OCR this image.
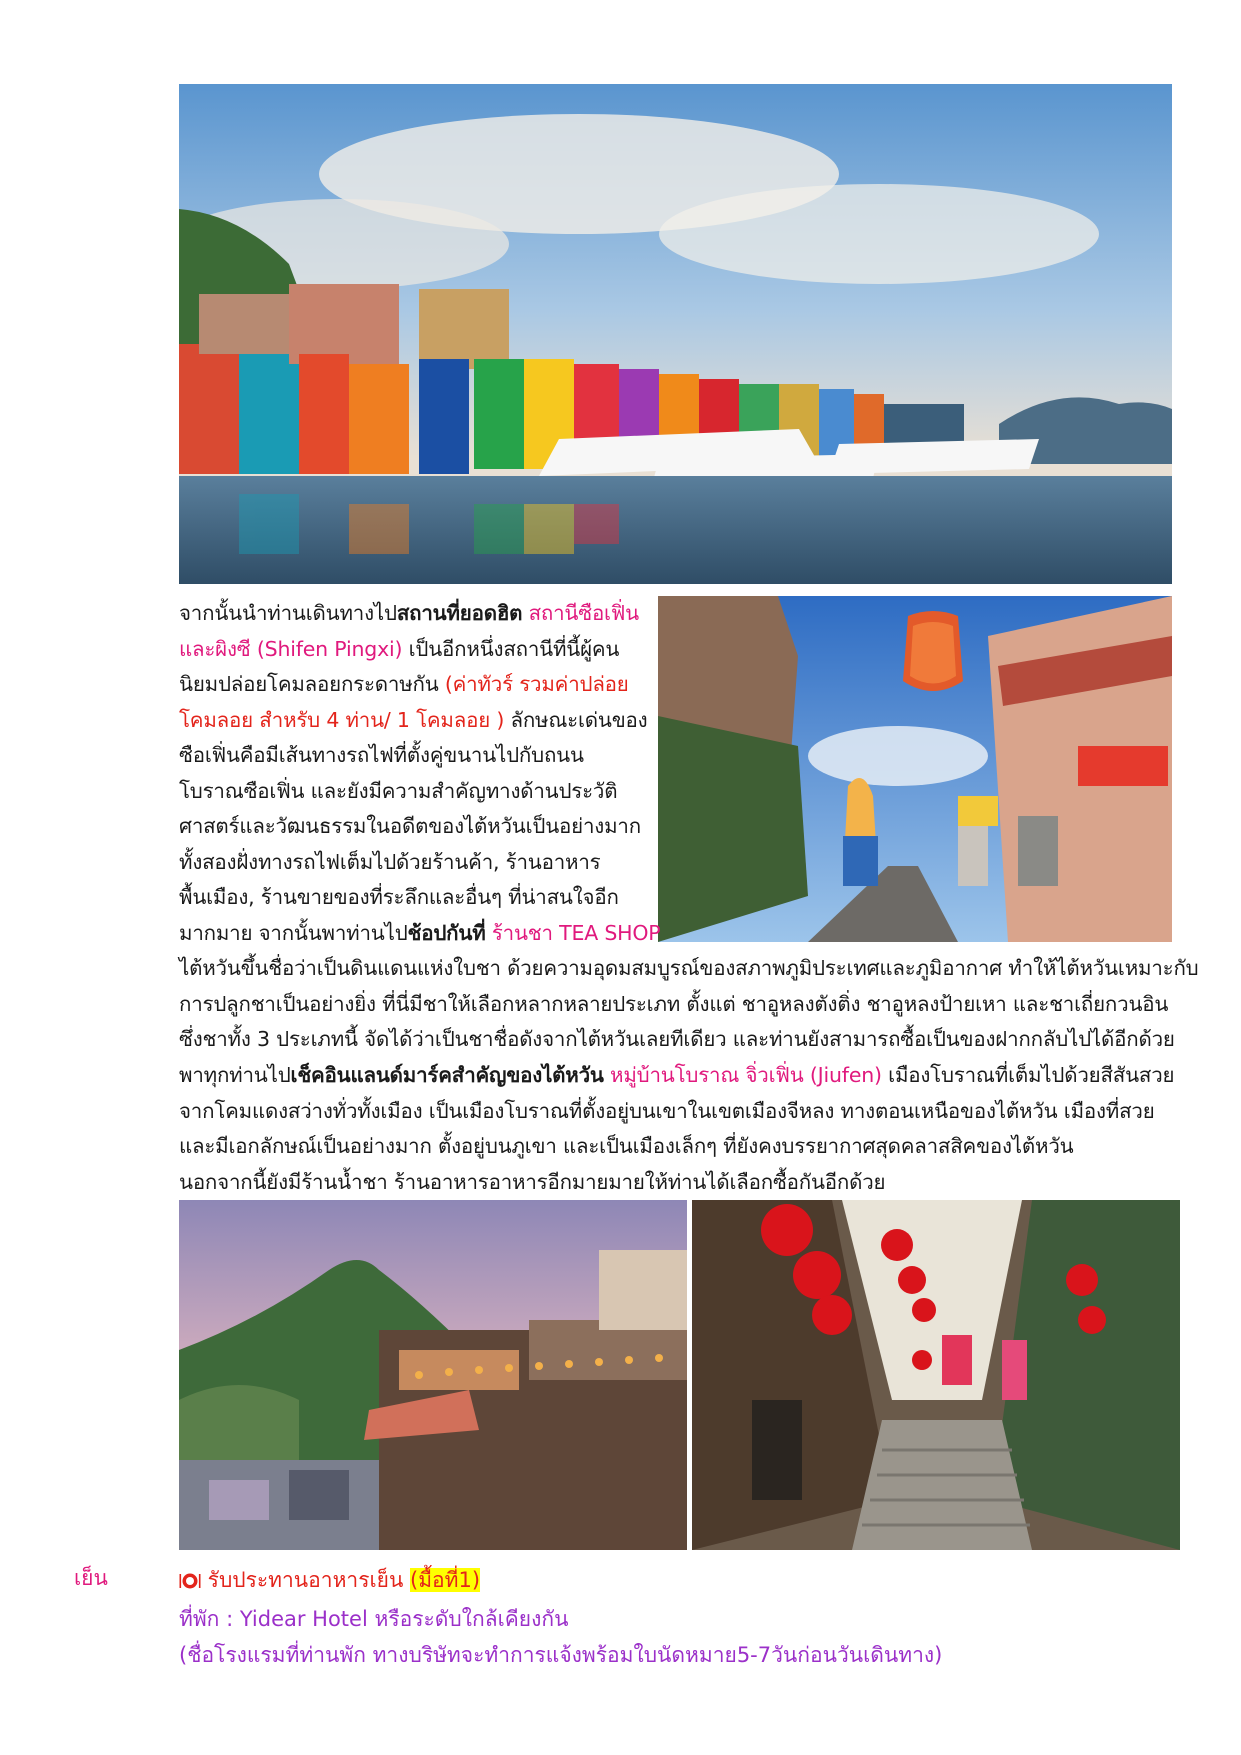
จากนั้นนำท่านเดินทางไปสถานที่ยอดฮิต สถานีซือเฟิ่น
และผิงซี (Shifen Pingxi) เป็นอีกหนึ่งสถานีที่นี้ผู้คน
นิยมปล่อยโคมลอยกระดาษกัน (ค่าทัวร์ รวมค่าปล่อย
โคมลอย สำหรับ 4 ท่าน/ 1 โคมลอย ) ลักษณะเด่นของ
ซือเฟิ่นคือมีเส้นทางรถไฟที่ตั้งคู่ขนานไปกับถนน
โบราณซือเฟิ่น และยังมีความสำคัญทางด้านประวัติ
ศาสตร์และวัฒนธรรมในอดีตของไต้หวันเป็นอย่างมาก
ทั้งสองฝั่งทางรถไฟเต็มไปด้วยร้านค้า, ร้านอาหาร
พื้นเมือง, ร้านขายของที่ระลึกและอื่นๆ ที่น่าสนใจอีก
มากมาย จากนั้นพาท่านไปช้อปกันที่ ร้านชา TEA SHOP
ไต้หวันขึ้นชื่อว่าเป็นดินแดนแห่งใบชา ด้วยความอุดมสมบูรณ์ของสภาพภูมิประเทศและภูมิอากาศ ทำให้ไต้หวันเหมาะกับ
การปลูกชาเป็นอย่างยิ่ง ที่นี่มีชาให้เลือกหลากหลายประเภท ตั้งแต่ ชาอูหลงตังติ่ง ชาอูหลงป้ายเหา และชาเถี่ยกวนอิน
ซึ่งชาทั้ง 3 ประเภทนี้ จัดได้ว่าเป็นชาชื่อดังจากไต้หวันเลยทีเดียว และท่านยังสามารถซื้อเป็นของฝากกลับไปได้อีกด้วย
พาทุกท่านไปเช็คอินแลนด์มาร์คสำคัญของไต้หวัน หมู่บ้านโบราณ จิ่วเฟิ่น (Jiufen) เมืองโบราณที่เต็มไปด้วยสีสันสวย
จากโคมแดงสว่างทั่วทั้งเมือง เป็นเมืองโบราณที่ตั้งอยู่บนเขาในเขตเมืองจีหลง ทางตอนเหนือของไต้หวัน เมืองที่สวย
และมีเอกลักษณ์เป็นอย่างมาก ตั้งอยู่บนภูเขา และเป็นเมืองเล็กๆ ที่ยังคงบรรยากาศสุดคลาสสิคของไต้หวัน
นอกจากนี้ยังมีร้านน้ำชา ร้านอาหารอาหารอีกมายมายให้ท่านได้เลือกซื้อกันอีกด้วย
เย็น	รับประทานอาหารเย็น (มื้อที่1)
ที่พัก : Yidear Hotel หรือระดับใกล้เคียงกัน
(ชื่อโรงแรมที่ท่านพัก ทางบริษัทจะทำการแจ้งพร้อมใบนัดหมาย5-7วันก่อนวันเดินทาง)
